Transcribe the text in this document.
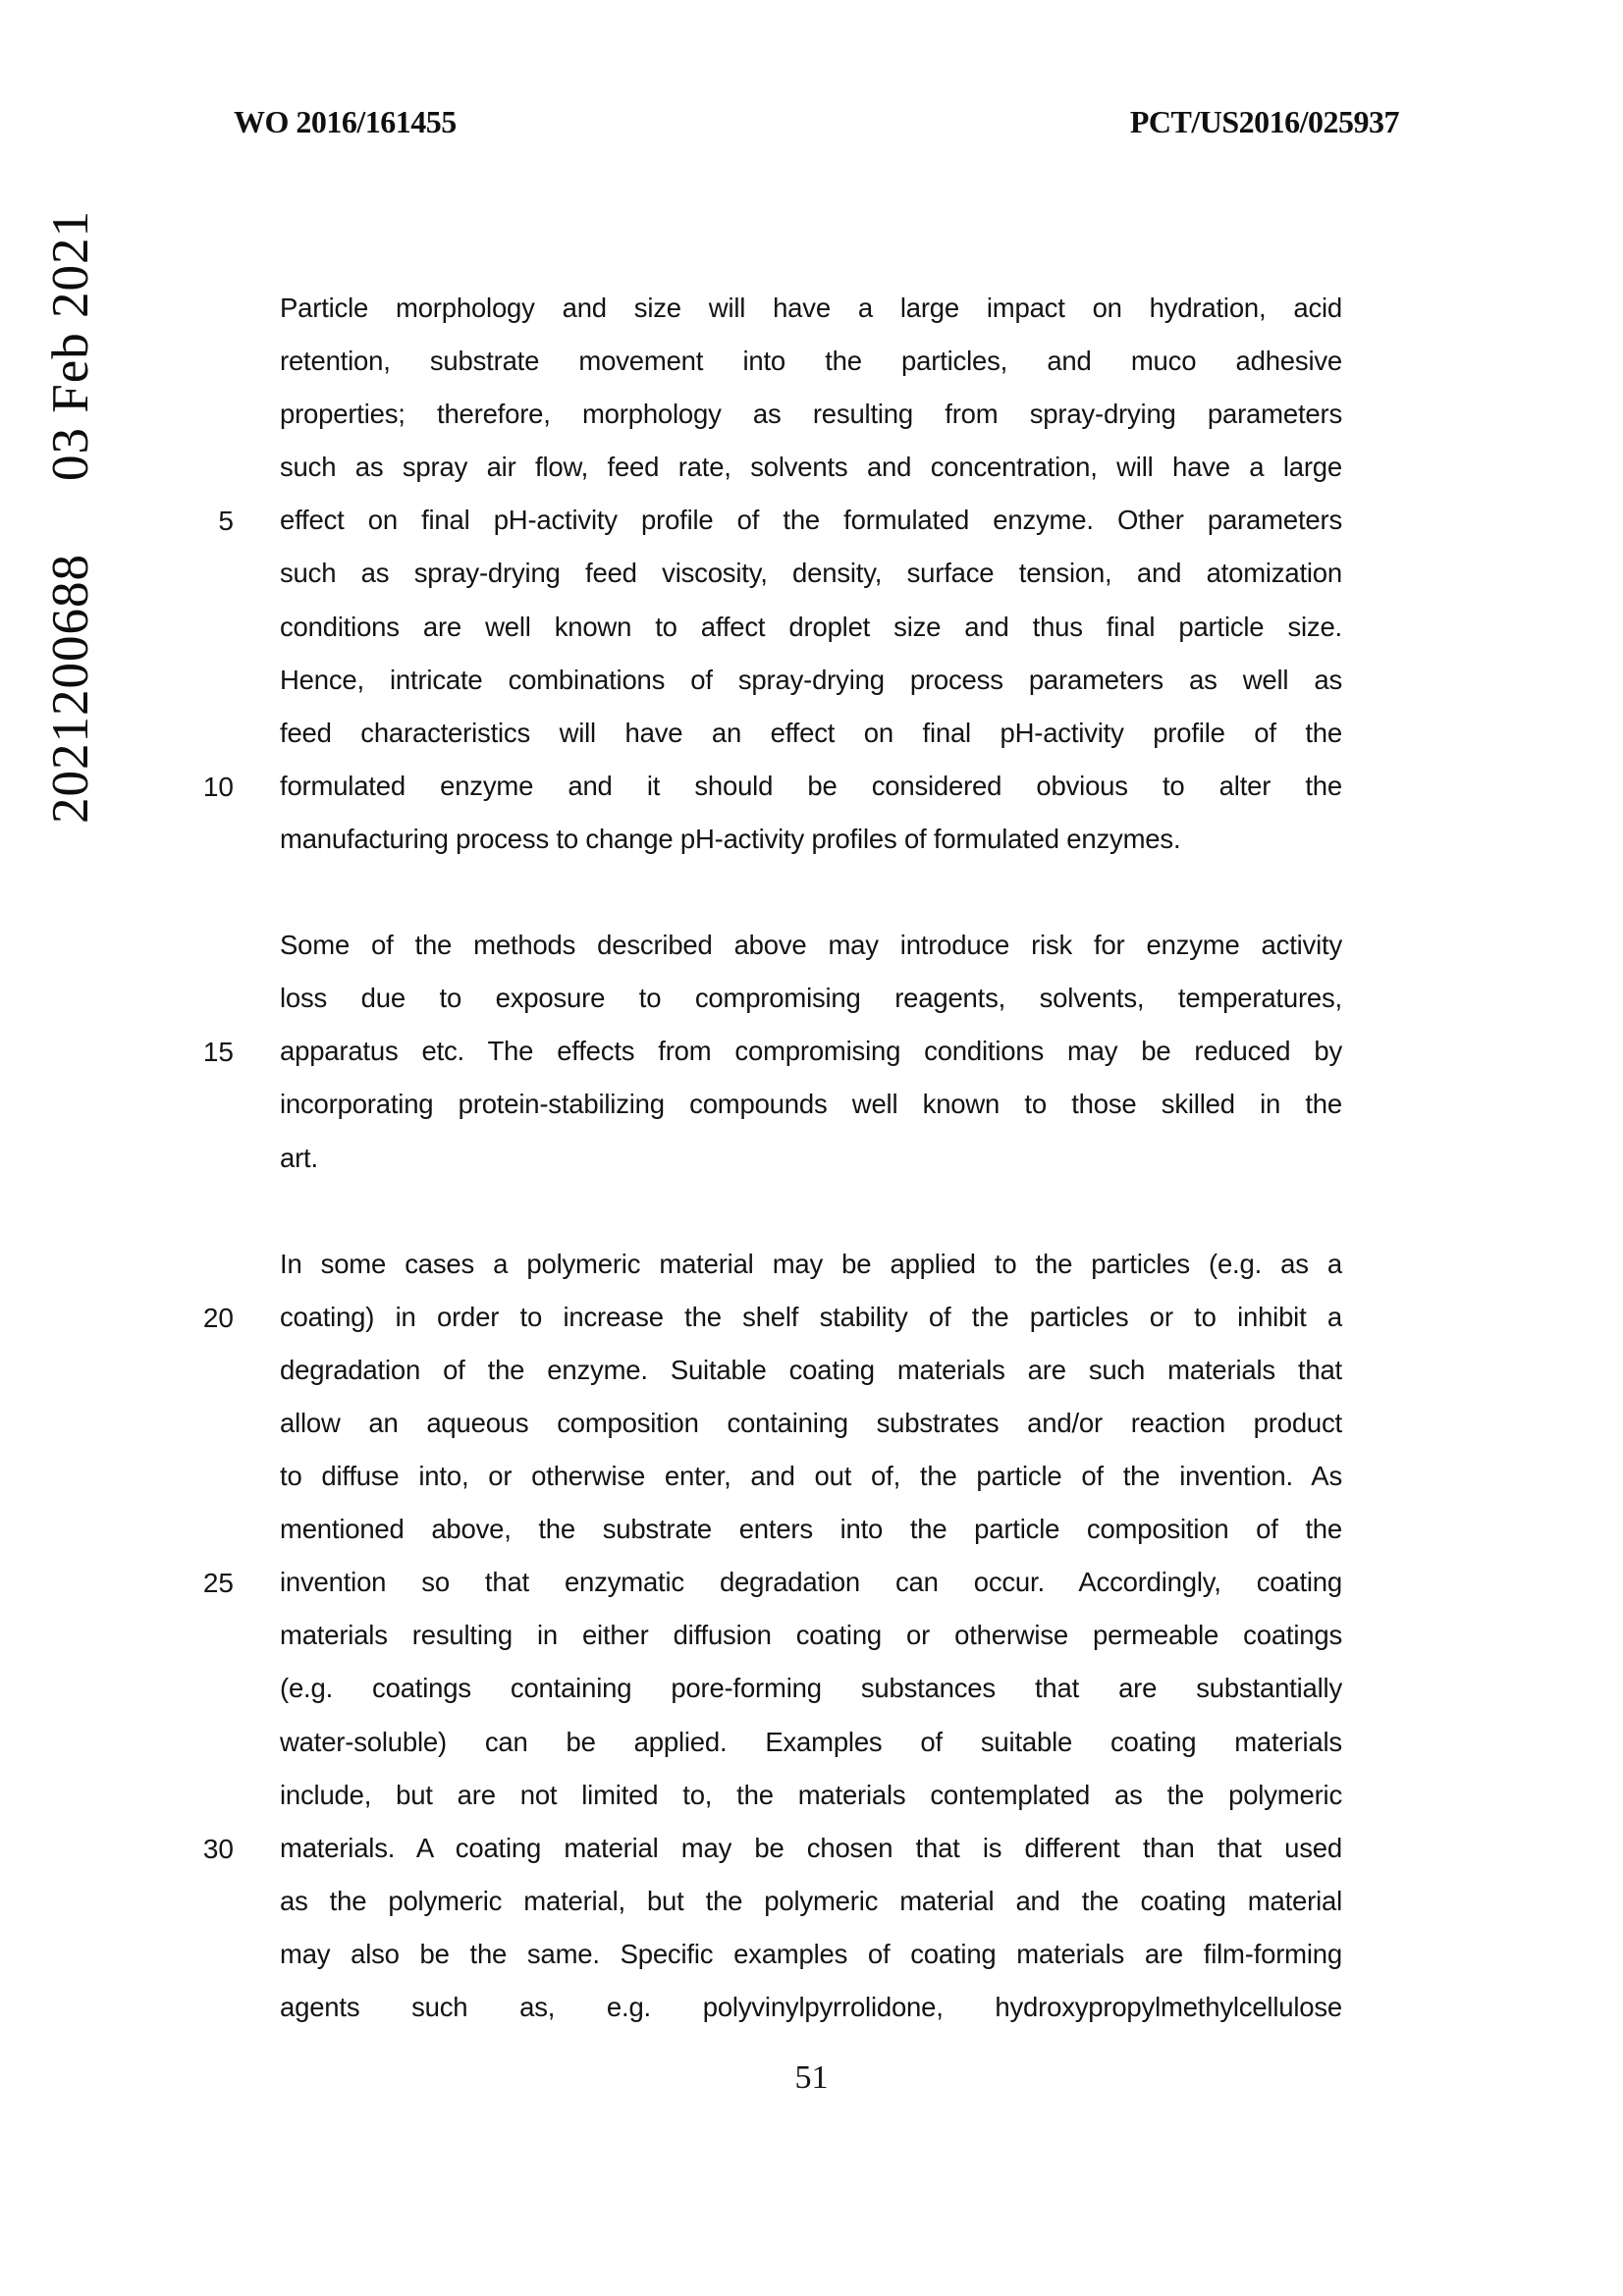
WO 2016/161455	PCT/US2016/025937
202120068803 Feb 2021
5
10
15
20
25
30
Particle morphology and size will have a large impact on hydration, acid
retention, substrate movement into the particles, and muco adhesive
properties; therefore, morphology as resulting from spray-drying parameters
such as spray air flow, feed rate, solvents and concentration, will have a large
effect on final pH-activity profile of the formulated enzyme. Other parameters
such as spray-drying feed viscosity, density, surface tension, and atomization
conditions are well known to affect droplet size and thus final particle size.
Hence, intricate combinations of spray-drying process parameters as well as
feed characteristics will have an effect on final pH-activity profile of the
formulated enzyme and it should be considered obvious to alter the
manufacturing process to change pH-activity profiles of formulated enzymes.
Some of the methods described above may introduce risk for enzyme activity
loss due to exposure to compromising reagents, solvents, temperatures,
apparatus etc. The effects from compromising conditions may be reduced by
incorporating protein-stabilizing compounds well known to those skilled in the
art.
In some cases a polymeric material may be applied to the particles (e.g. as a
coating) in order to increase the shelf stability of the particles or to inhibit a
degradation of the enzyme. Suitable coating materials are such materials that
allow an aqueous composition containing substrates and/or reaction product
to diffuse into, or otherwise enter, and out of, the particle of the invention. As
mentioned above, the substrate enters into the particle composition of the
invention so that enzymatic degradation can occur. Accordingly, coating
materials resulting in either diffusion coating or otherwise permeable coatings
(e.g. coatings containing pore-forming substances that are substantially
water-soluble) can be applied. Examples of suitable coating materials
include, but are not limited to, the materials contemplated as the polymeric
materials. A coating material may be chosen that is different than that used
as the polymeric material, but the polymeric material and the coating material
may also be the same. Specific examples of coating materials are film-forming
agents such as, e.g. polyvinylpyrrolidone, hydroxypropylmethylcellulose
51
